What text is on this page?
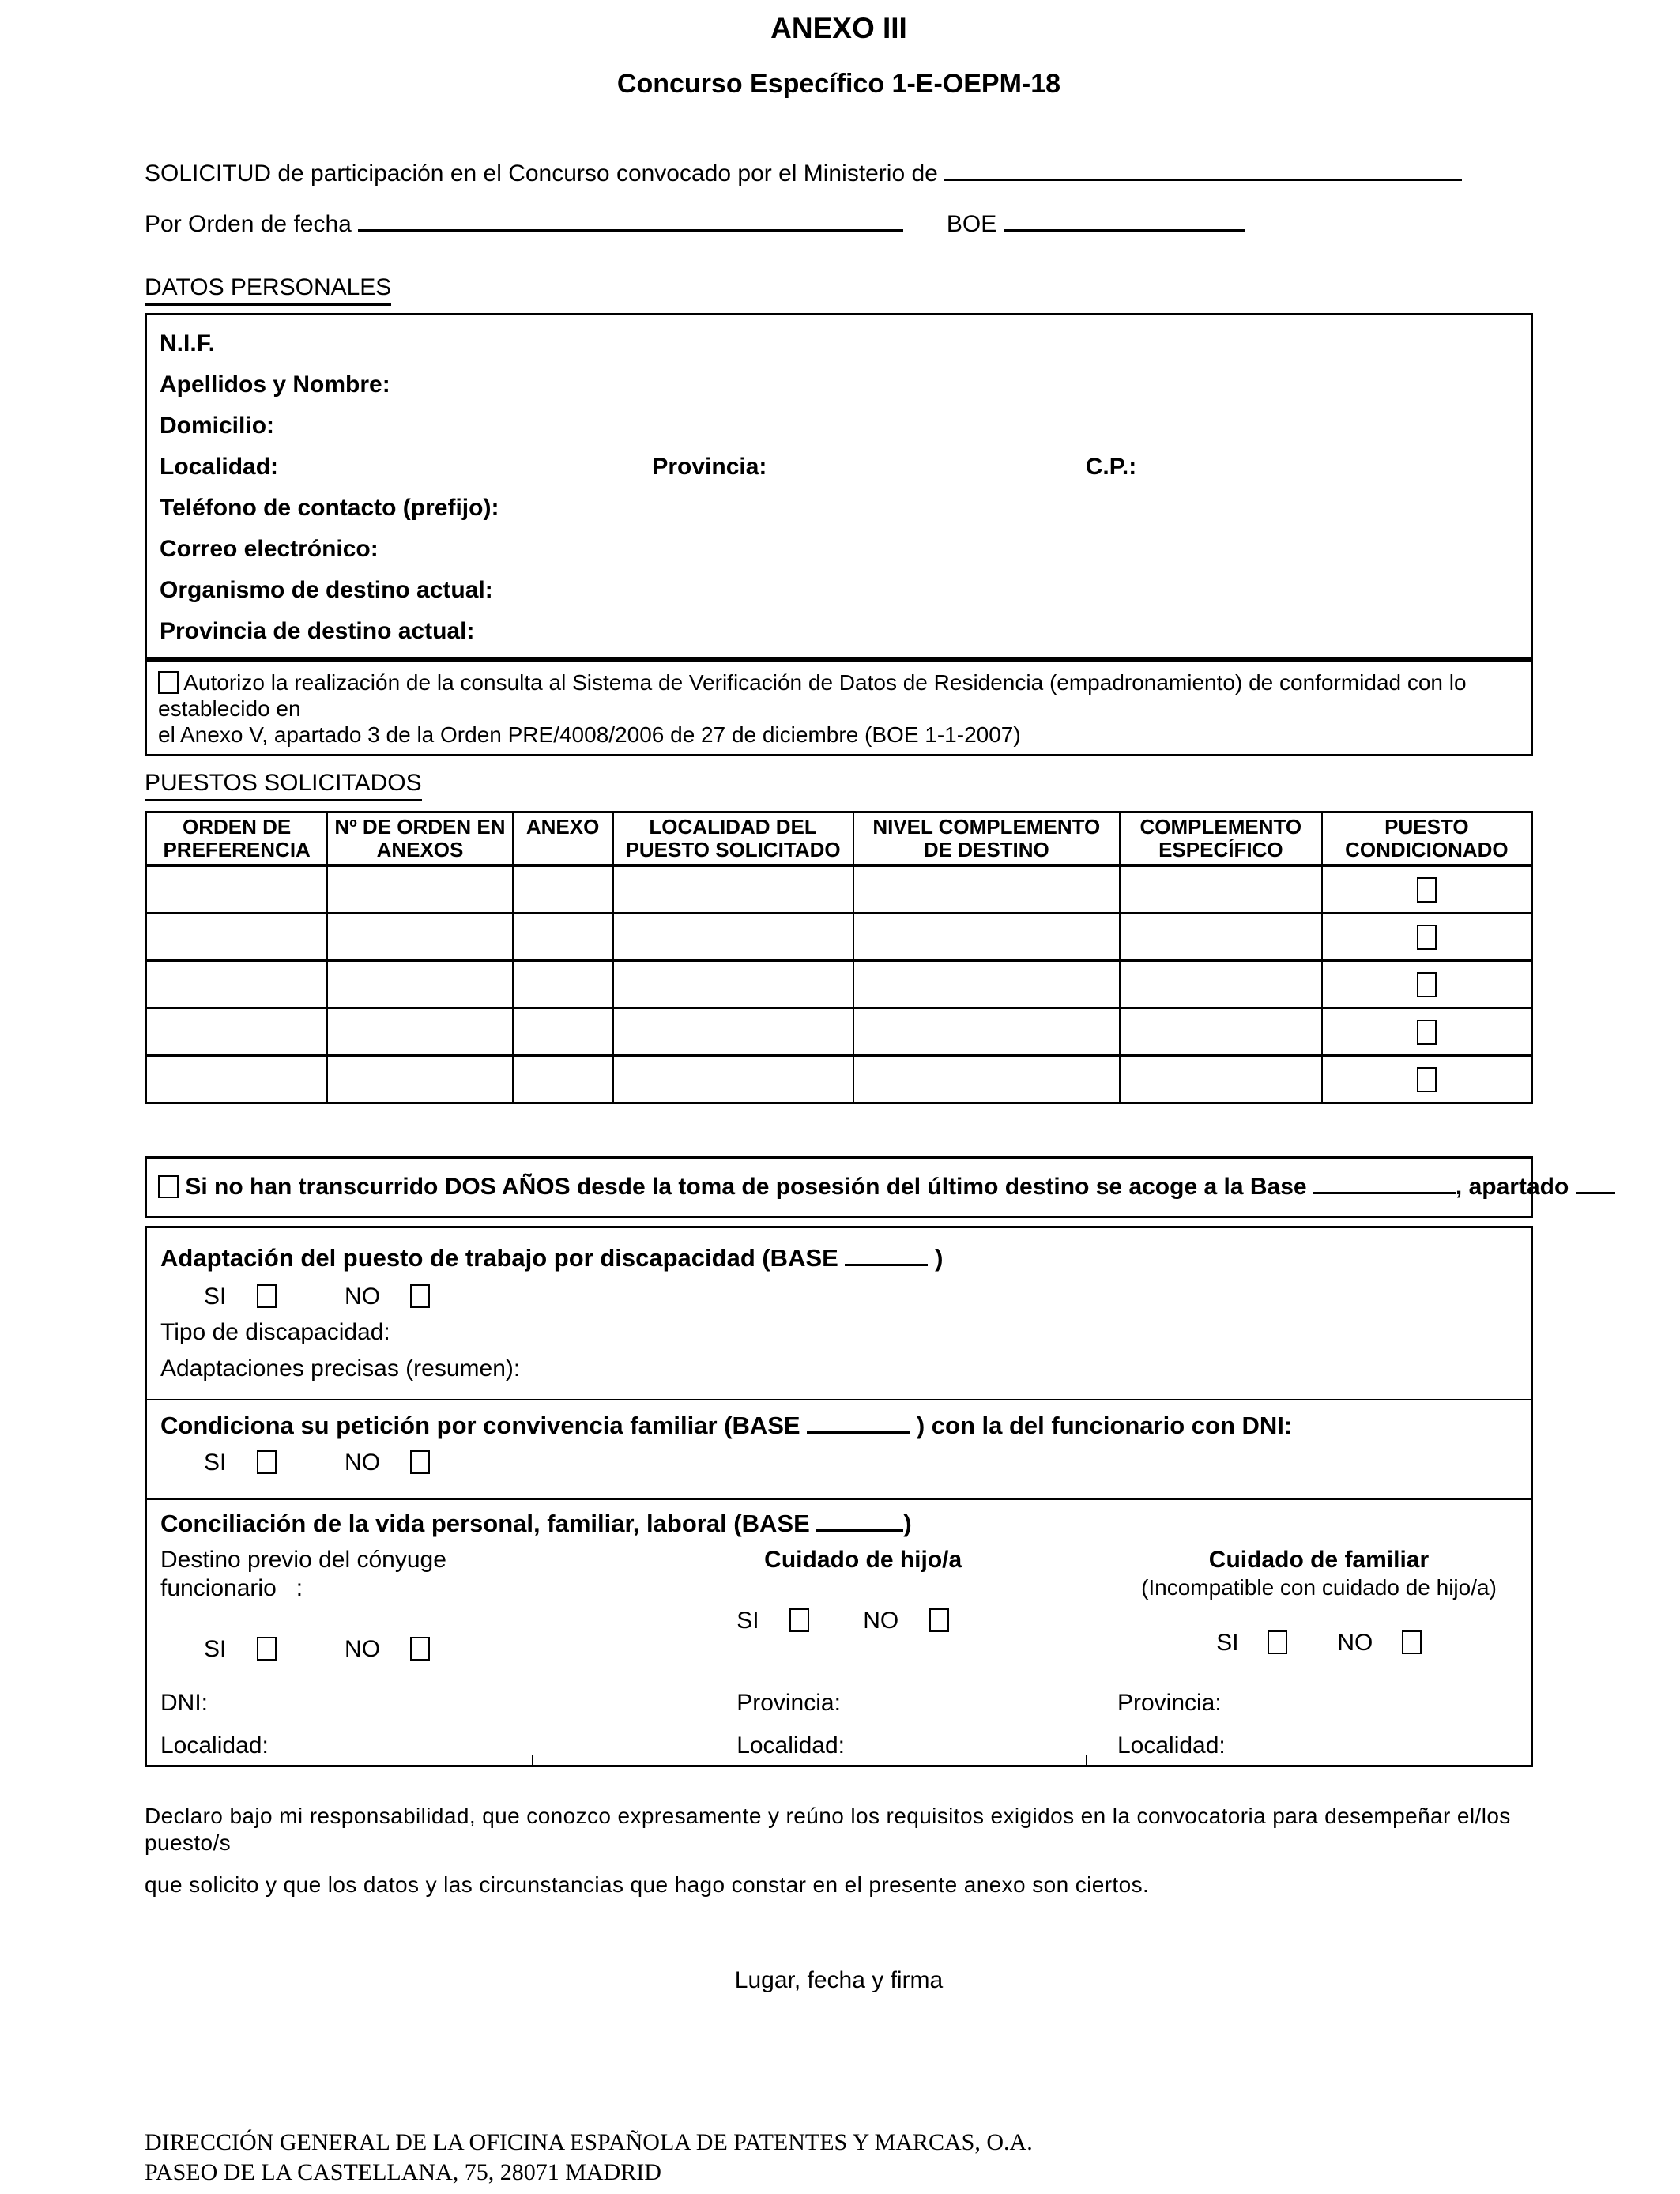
ANEXO III
Concurso Específico 1-E-OEPM-18
SOLICITUD de participación en el Concurso convocado por el Ministerio de
Por Orden de fecha	BOE
DATOS PERSONALES
N.I.F.
Apellidos y Nombre:
Domicilio:
Localidad:	Provincia:	C.P.:
Teléfono de contacto (prefijo):
Correo electrónico:
Organismo de destino actual:
Provincia de destino actual:
Autorizo la realización de la consulta al Sistema de Verificación de Datos de Residencia (empadronamiento) de conformidad con lo establecido en
el Anexo V, apartado 3 de la Orden PRE/4008/2006 de 27 de diciembre (BOE 1-1-2007)
PUESTOS SOLICITADOS
ORDEN DE PREFERENCIA	Nº DE ORDEN EN ANEXOS	ANEXO	LOCALIDAD DEL PUESTO SOLICITADO	NIVEL COMPLEMENTO DE DESTINO	COMPLEMENTO ESPECÍFICO	PUESTO CONDICIONADO

Si no han transcurrido DOS AÑOS desde la toma de posesión del último destino se acoge a la Base	, apartado
Adaptación del puesto de trabajo por discapacidad (BASE	)
SI	NO
Tipo de discapacidad:
Adaptaciones precisas (resumen):
Condiciona su petición por convivencia familiar (BASE	) con la del funcionario con DNI:
SI	NO
Conciliación de la vida personal, familiar, laboral (BASE	)
Destino previo del cónyuge funcionario :
SI	NO
DNI:
Localidad:
Cuidado de hijo/a
SI	NO
Provincia:
Localidad:
Cuidado de familiar
(Incompatible con cuidado de hijo/a)
SI	NO
Provincia:
Localidad:
Declaro bajo mi responsabilidad, que conozco expresamente y reúno los requisitos exigidos en la convocatoria para desempeñar el/los puesto/s
que solicito y que los datos y las circunstancias que hago constar en el presente anexo son ciertos.
Lugar, fecha y firma
DIRECCIÓN GENERAL DE LA OFICINA ESPAÑOLA DE PATENTES Y MARCAS, O.A.
PASEO DE LA CASTELLANA, 75, 28071 MADRID
